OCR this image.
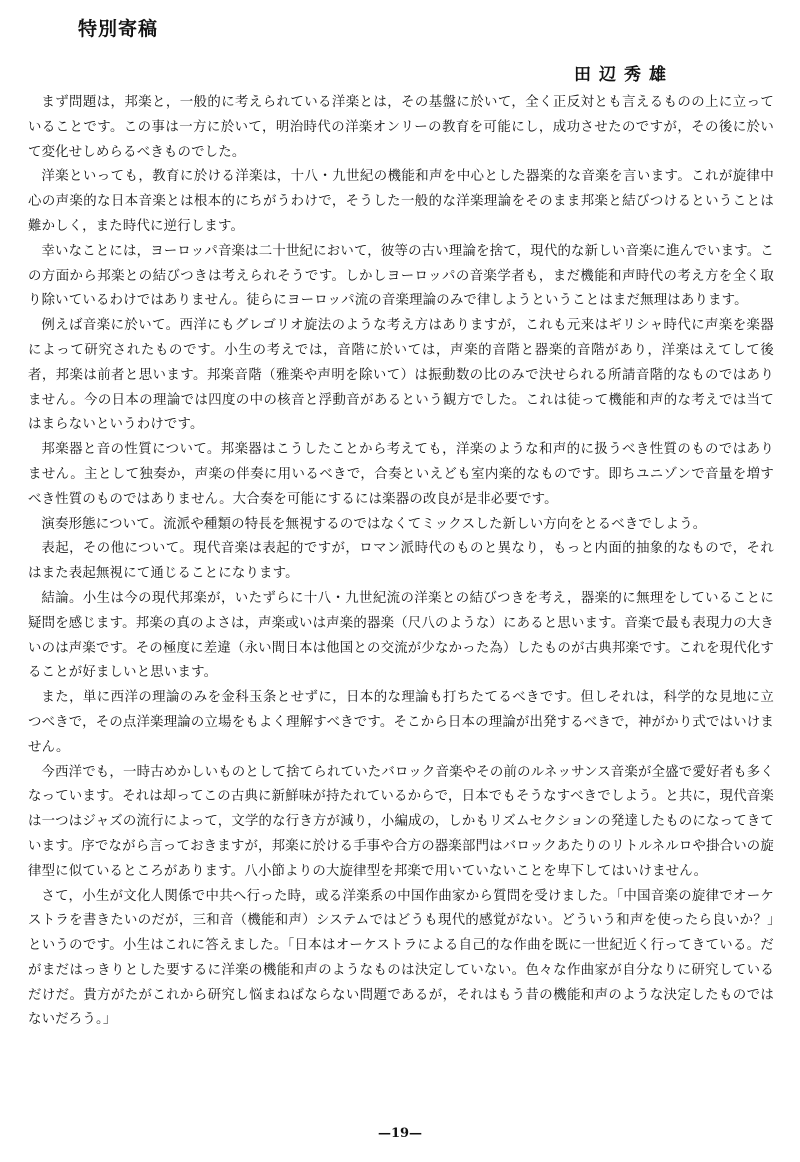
特別寄稿
田辺秀雄

まず問題は，邦楽と，一般的に考えられている洋楽とは，その基盤に於いて，全く正反対とも言えるものの上に立っていることです。この事は一方に於いて，明治時代の洋楽オンリーの教育を可能にし，成功させたのですが，その後に於いて変化せしめらるべきものでした。

洋楽といっても，教育に於ける洋楽は，十八・九世紀の機能和声を中心とした器楽的な音楽を言います。これが旋律中心の声楽的な日本音楽とは根本的にちがうわけで，そうした一般的な洋楽理論をそのまま邦楽と結びつけるということは難かしく，また時代に逆行します。

幸いなことには，ヨーロッパ音楽は二十世紀において，彼等の古い理論を捨て，現代的な新しい音楽に進んでいます。この方面から邦楽との結びつきは考えられそうです。しかしヨーロッパの音楽学者も，まだ機能和声時代の考え方を全く取り除いているわけではありません。徒らにヨーロッパ流の音楽理論のみで律しようということはまだ無理はあります。

例えば音楽に於いて。西洋にもグレゴリオ旋法のような考え方はありますが，これも元来はギリシャ時代に声楽を楽器によって研究されたものです。小生の考えでは，音階に於いては，声楽的音階と器楽的音階があり，洋楽はえてして後者，邦楽は前者と思います。邦楽音階（雅楽や声明を除いて）は振動数の比のみで決せられる所請音階的なものではありません。今の日本の理論では四度の中の核音と浮動音があるという観方でした。これは徒って機能和声的な考えでは当てはまらないというわけです。

邦楽器と音の性質について。邦楽器はこうしたことから考えても，洋楽のような和声的に扱うべき性質のものではありません。主として独奏か，声楽の伴奏に用いるべきで，合奏といえども室内楽的なものです。即ちユニゾンで音量を増すべき性質のものではありません。大合奏を可能にするには楽器の改良が是非必要です。

演奏形態について。流派や種類の特長を無視するのではなくてミックスした新しい方向をとるべきでしよう。

表起，その他について。現代音楽は表起的ですが，ロマン派時代のものと異なり，もっと内面的抽象的なもので，それはまた表起無視にて通じることになります。

結論。小生は今の現代邦楽が，いたずらに十八・九世紀流の洋楽との結びつきを考え，器楽的に無理をしていることに疑問を感じます。邦楽の真のよさは，声楽或いは声楽的器楽（尺八のような）にあると思います。音楽で最も表現力の大きいのは声楽です。その極度に差違（永い間日本は他国との交流が少なかった為）したものが古典邦楽です。これを現代化することが好ましいと思います。

また，単に西洋の理論のみを金科玉条とせずに，日本的な理論も打ちたてるべきです。但しそれは，科学的な見地に立つべきで，その点洋楽理論の立場をもよく理解すべきです。そこから日本の理論が出発するべきで，神がかり式ではいけません。

今西洋でも，一時古めかしいものとして捨てられていたバロック音楽やその前のルネッサンス音楽が全盛で愛好者も多くなっています。それは却ってこの古典に新鮮味が持たれているからで，日本でもそうなすべきでしよう。と共に，現代音楽は一つはジャズの流行によって，文学的な行き方が減り，小編成の，しかもリズムセクションの発達したものになってきています。序でながら言っておきますが，邦楽に於ける手事や合方の器楽部門はバロックあたりのリトルネルロや掛合いの旋律型に似ているところがあります。八小節よりの大旋律型を邦楽で用いていないことを卑下してはいけません。

さて，小生が文化人関係で中共へ行った時，或る洋楽系の中国作曲家から質問を受けました。「中国音楽の旋律でオーケストラを書きたいのだが，三和音（機能和声）システムではどうも現代的感覚がない。どういう和声を使ったら良いか？」というのです。小生はこれに答えました。「日本はオーケストラによる自己的な作曲を既に一世紀近く行ってきている。だがまだはっきりとした要するに洋楽の機能和声のようなものは決定していない。色々な作曲家が自分なりに研究しているだけだ。貴方がたがこれから研究し悩まねばならない問題であるが，それはもう昔の機能和声のような決定したものではないだろう。」

—19—
